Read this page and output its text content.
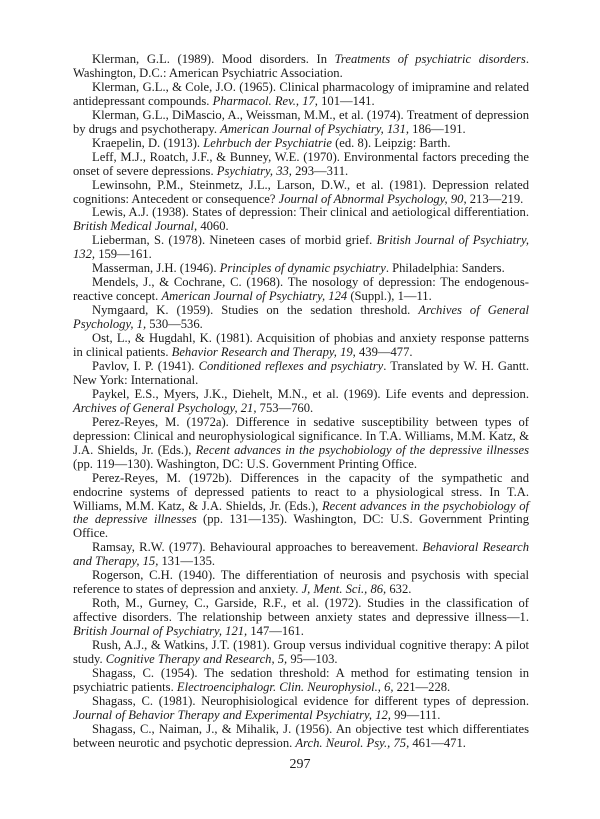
Klerman, G.L. (1989). Mood disorders. In Treatments of psychiatric disorders. Washington, D.C.: American Psychiatric Association.

Klerman, G.L., & Cole, J.O. (1965). Clinical pharmacology of imipramine and related antidepressant compounds. Pharmacol. Rev., 17, 101—141.

Klerman, G.L., DiMascio, A., Weissman, M.M., et al. (1974). Treatment of depression by drugs and psychotherapy. American Journal of Psychiatry, 131, 186—191.

Kraepelin, D. (1913). Lehrbuch der Psychiatrie (ed. 8). Leipzig: Barth.

Leff, M.J., Roatch, J.F., & Bunney, W.E. (1970). Environmental factors preceding the onset of severe depressions. Psychiatry, 33, 293—311.

Lewinsohn, P.M., Steinmetz, J.L., Larson, D.W., et al. (1981). Depression related cognitions: Antecedent or consequence? Journal of Abnormal Psychology, 90, 213—219.

Lewis, A.J. (1938). States of depression: Their clinical and aetiological differentiation. British Medical Journal, 4060.

Lieberman, S. (1978). Nineteen cases of morbid grief. British Journal of Psychiatry, 132, 159—161.

Masserman, J.H. (1946). Principles of dynamic psychiatry. Philadelphia: Sanders.

Mendels, J., & Cochrane, C. (1968). The nosology of depression: The endogenous-reactive concept. American Journal of Psychiatry, 124 (Suppl.), 1—11.

Nymgaard, K. (1959). Studies on the sedation threshold. Archives of General Psychology, 1, 530—536.

Ost, L., & Hugdahl, K. (1981). Acquisition of phobias and anxiety response patterns in clinical patients. Behavior Research and Therapy, 19, 439—477.

Pavlov, I. P. (1941). Conditioned reflexes and psychiatry. Translated by W. H. Gantt. New York: International.

Paykel, E.S., Myers, J.K., Diehelt, M.N., et al. (1969). Life events and depression. Archives of General Psychology, 21, 753—760.

Perez-Reyes, M. (1972a). Difference in sedative susceptibility between types of depression: Clinical and neurophysiological significance. In T.A. Williams, M.M. Katz, & J.A. Shields, Jr. (Eds.), Recent advances in the psychobiology of the depressive illnesses (pp. 119—130). Washington, DC: U.S. Government Printing Office.

Perez-Reyes, M. (1972b). Differences in the capacity of the sympathetic and endocrine systems of depressed patients to react to a physiological stress. In T.A. Williams, M.M. Katz, & J.A. Shields, Jr. (Eds.), Recent advances in the psychobiology of the depressive illnesses (pp. 131—135). Washington, DC: U.S. Government Printing Office.

Ramsay, R.W. (1977). Behavioural approaches to bereavement. Behavioral Research and Therapy, 15, 131—135.

Rogerson, C.H. (1940). The differentiation of neurosis and psychosis with special reference to states of depression and anxiety. J, Ment. Sci., 86, 632.

Roth, M., Gurney, C., Garside, R.F., et al. (1972). Studies in the classification of affective disorders. The relationship between anxiety states and depressive illness—1. British Journal of Psychiatry, 121, 147—161.

Rush, A.J., & Watkins, J.T. (1981). Group versus individual cognitive therapy: A pilot study. Cognitive Therapy and Research, 5, 95—103.

Shagass, C. (1954). The sedation threshold: A method for estimating tension in psychiatric patients. Electroenciphalogr. Clin. Neurophysiol., 6, 221—228.

Shagass, C. (1981). Neurophisiological evidence for different types of depression. Journal of Behavior Therapy and Experimental Psychiatry, 12, 99—111.

Shagass, C., Naiman, J., & Mihalik, J. (1956). An objective test which differentiates between neurotic and psychotic depression. Arch. Neurol. Psy., 75, 461—471.

297
